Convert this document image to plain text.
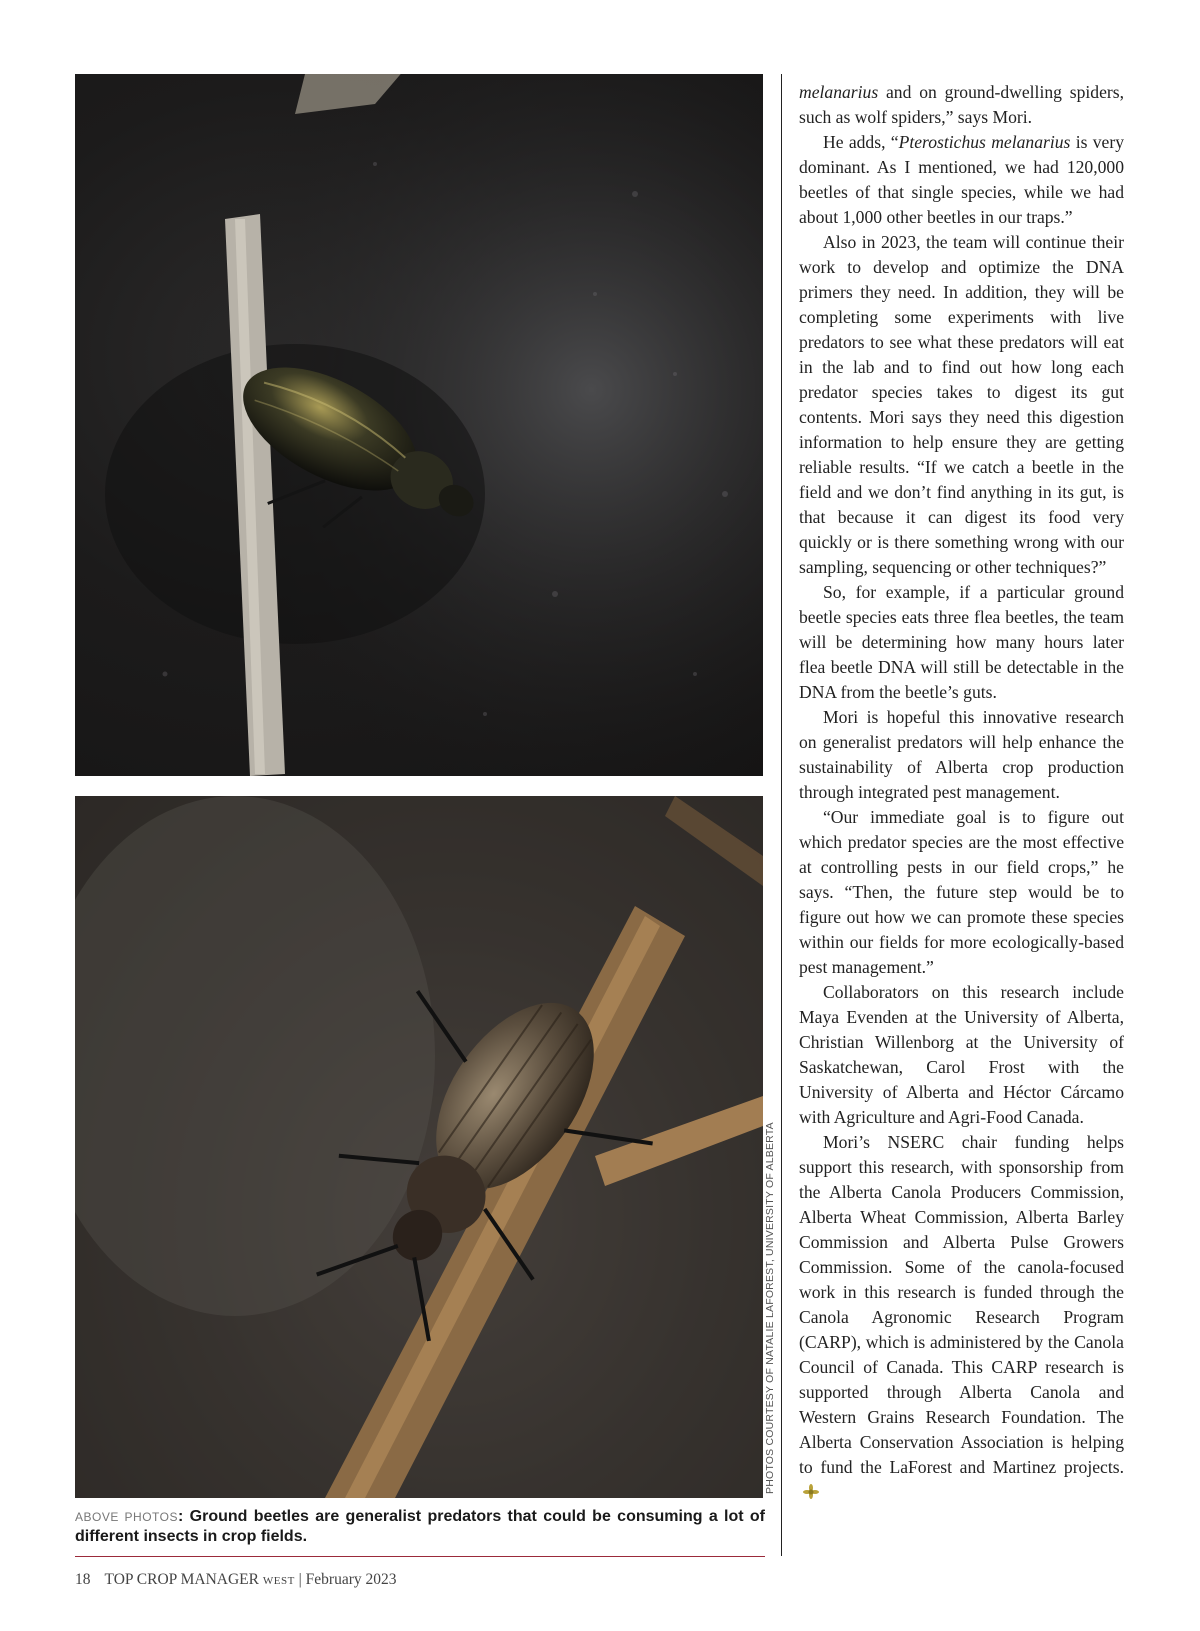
PHOTOS COURTESY OF NATALIE LAFOREST, UNIVERSITY OF ALBERTA
ABOVE PHOTOS: Ground beetles are generalist predators that could be consuming a lot of different insects in crop fields.

melanarius and on ground-dwelling spiders, such as wolf spiders,” says Mori.

He adds, “Pterostichus melanarius is very dominant. As I mentioned, we had 120,000 beetles of that single species, while we had about 1,000 other beetles in our traps.”

Also in 2023, the team will continue their work to develop and optimize the DNA primers they need. In addition, they will be completing some experiments with live predators to see what these predators will eat in the lab and to find out how long each predator species takes to digest its gut contents. Mori says they need this digestion information to help ensure they are getting reliable results. “If we catch a beetle in the field and we don’t find anything in its gut, is that because it can digest its food very quickly or is there something wrong with our sampling, sequencing or other techniques?”

So, for example, if a particular ground beetle species eats three flea beetles, the team will be determining how many hours later flea beetle DNA will still be detectable in the DNA from the beetle’s guts.

Mori is hopeful this innovative research on generalist predators will help enhance the sustainability of Alberta crop production through integrated pest management.

“Our immediate goal is to figure out which predator species are the most effective at controlling pests in our field crops,” he says. “Then, the future step would be to figure out how we can promote these species within our fields for more ecologically-based pest management.”

Collaborators on this research include Maya Evenden at the University of Alberta, Christian Willenborg at the University of Saskatchewan, Carol Frost with the University of Alberta and Héctor Cárcamo with Agriculture and Agri-Food Canada.

Mori’s NSERC chair funding helps support this research, with sponsorship from the Alberta Canola Producers Commission, Alberta Wheat Commission, Alberta Barley Commission and Alberta Pulse Growers Commission. Some of the canola-focused work in this research is funded through the Canola Agronomic Research Program (CARP), which is administered by the Canola Council of Canada. This CARP research is supported through Alberta Canola and Western Grains Research Foundation. The Alberta Conservation Association is helping to fund the LaForest and Martinez projects.

18 TOP CROP MANAGER WEST | February 2023
